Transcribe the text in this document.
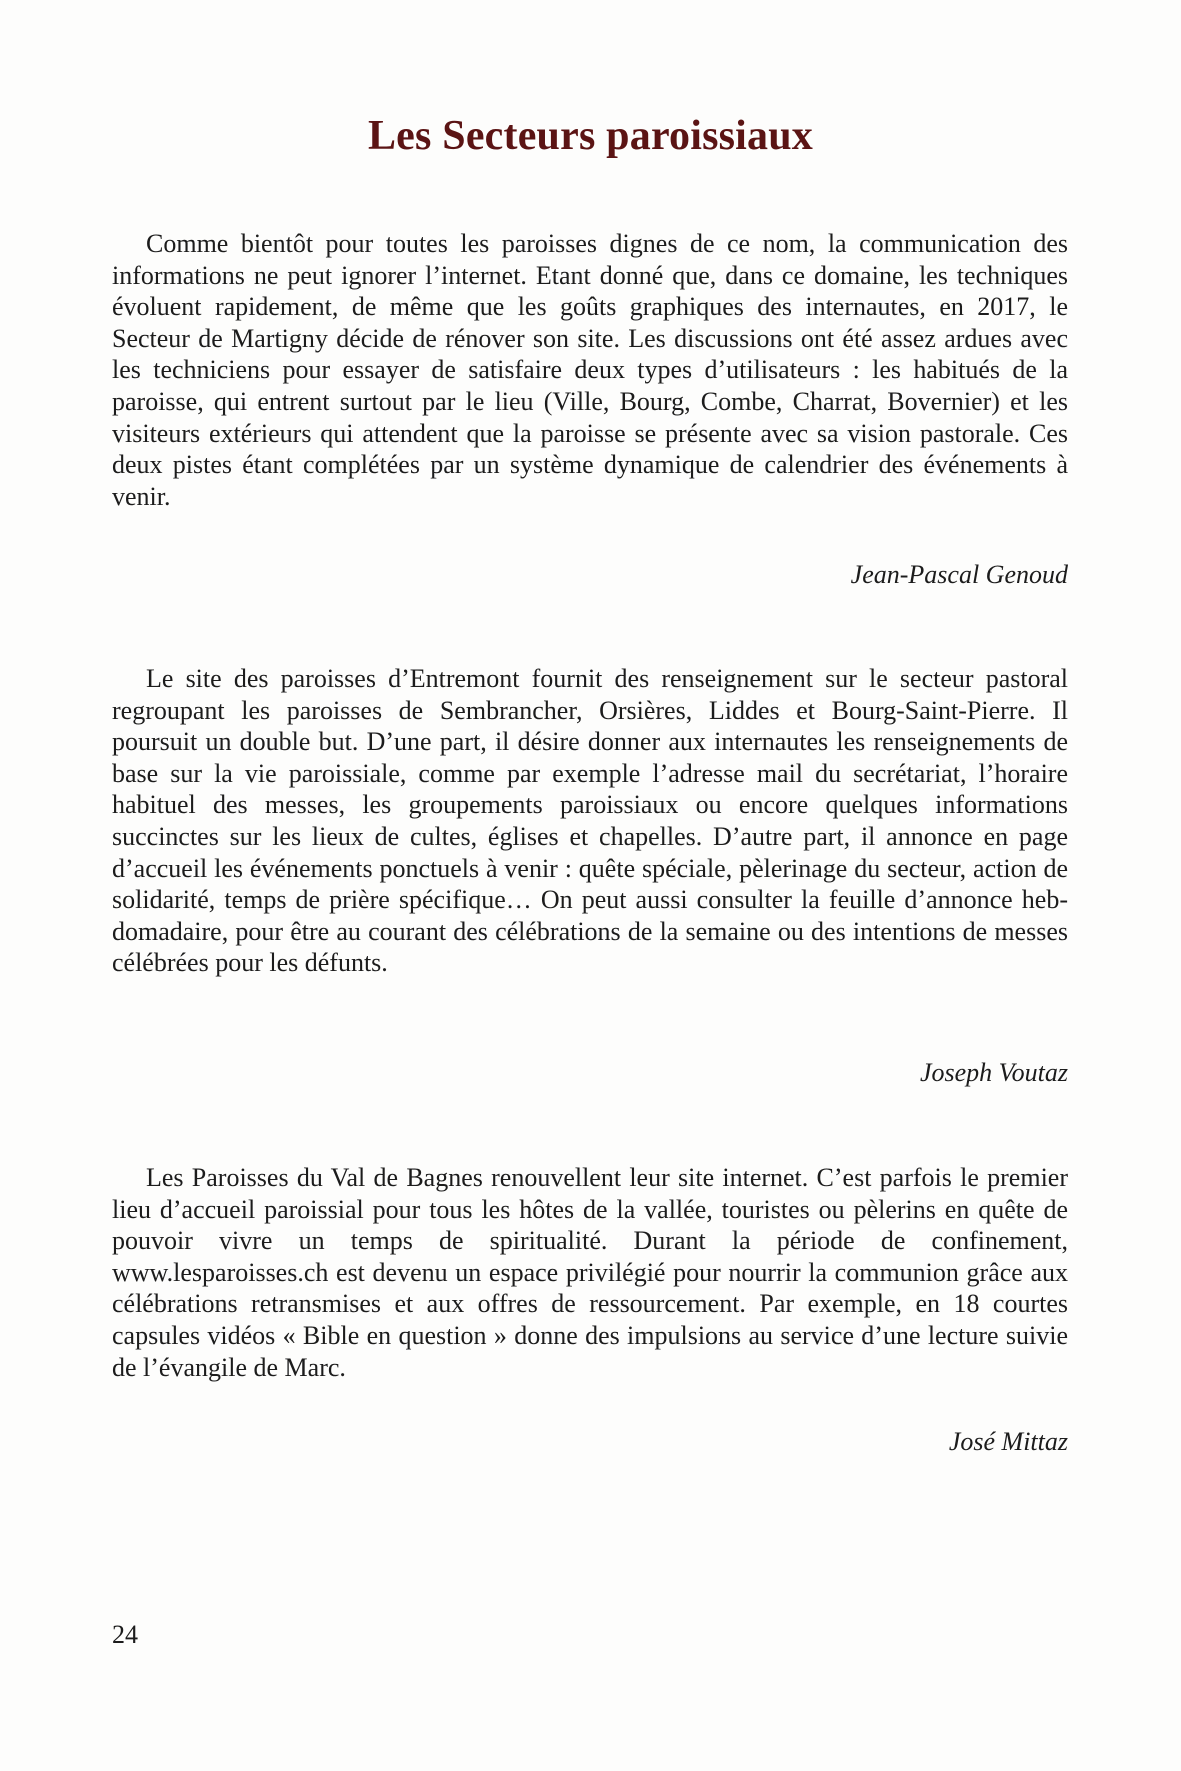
Les Secteurs paroissiaux

Comme bientôt pour toutes les paroisses dignes de ce nom, la communication des informations ne peut ignorer l’internet. Etant donné que, dans ce domaine, les techniques évoluent rapidement, de même que les goûts graphiques des internautes, en 2017, le Secteur de Martigny décide de rénover son site. Les discussions ont été assez ardues avec les techniciens pour essayer de satisfaire deux types d’utilisateurs : les habitués de la paroisse, qui entrent surtout par le lieu (Ville, Bourg, Combe, Charrat, Bovernier) et les visiteurs extérieurs qui attendent que la paroisse se présente avec sa vision pastorale. Ces deux pistes étant complétées par un système dynamique de calendrier des événements à venir.

Jean-Pascal Genoud

Le site des paroisses d’Entremont fournit des renseignement sur le secteur pastoral regroupant les paroisses de Sembrancher, Orsières, Liddes et Bourg-Saint-Pierre. Il poursuit un double but. D’une part, il désire donner aux internautes les renseignements de base sur la vie paroissiale, comme par exemple l’adresse mail du secrétariat, l’horaire habituel des messes, les groupements paroissiaux ou encore quelques informations succinctes sur les lieux de cultes, églises et chapelles. D’autre part, il annonce en page d’accueil les événements ponctuels à venir : quête spéciale, pèlerinage du secteur, action de solidarité, temps de prière spécifique… On peut aussi consulter la feuille d’annonce hebdomadaire, pour être au courant des célébrations de la semaine ou des intentions de messes célébrées pour les défunts.

Joseph Voutaz

Les Paroisses du Val de Bagnes renouvellent leur site internet. C’est parfois le premier lieu d’accueil paroissial pour tous les hôtes de la vallée, touristes ou pèlerins en quête de pouvoir vivre un temps de spiritualité. Durant la période de confinement, www.lesparoisses.ch est devenu un espace privilégié pour nourrir la communion grâce aux célébrations retransmises et aux offres de ressourcement. Par exemple, en 18 courtes capsules vidéos « Bible en question » donne des impulsions au service d’une lecture suivie de l’évangile de Marc.

José Mittaz

24
